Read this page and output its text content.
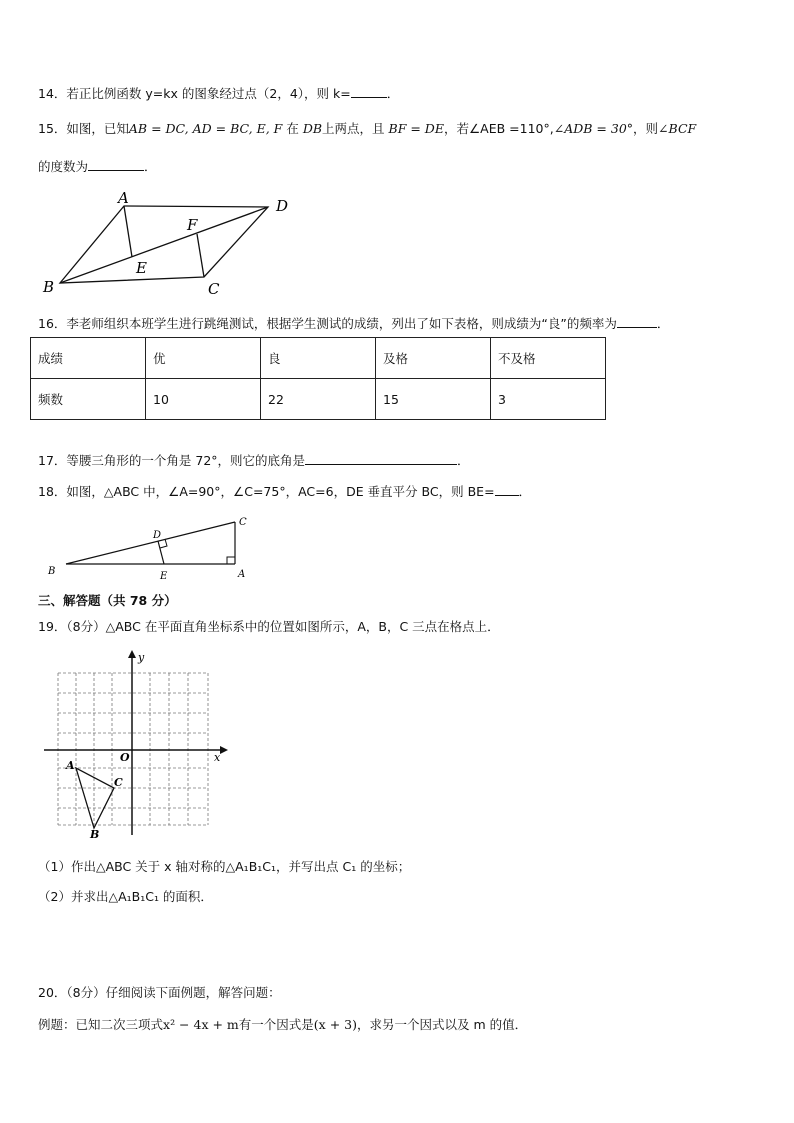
14．若正比例函数 y=kx 的图象经过点（2，4），则 k=	．
15．如图，已知AB = DC, AD = BC, E, F 在 DB上两点，且 BF = DE，若∠AEB =110°,∠ADB = 30°，则∠BCF
的度数为	．
A	D
F
E
B	C
16．李老师组织本班学生进行跳绳测试，根据学生测试的成绩，列出了如下表格，则成绩为“良”的频率为	．
成绩	优	良	及格	不及格
频数	10	22	15	3
17．等腰三角形的一个角是 72°，则它的底角是	．
18．如图，△ABC 中，∠A=90°，∠C=75°，AC=6，DE 垂直平分 BC，则 BE= ．
C
D
B	E	A
三、解答题（共 78 分）
19．（8分）△ABC 在平面直角坐标系中的位置如图所示，A，B，C 三点在格点上．
y
x
O
A
C
B
（1）作出△ABC 关于 x 轴对称的△A₁B₁C₁，并写出点 C₁ 的坐标；
（2）并求出△A₁B₁C₁ 的面积．
20．（8分）仔细阅读下面例题，解答问题：
例题：已知二次三项式x² − 4x + m有一个因式是(x + 3)，求另一个因式以及 m 的值．
